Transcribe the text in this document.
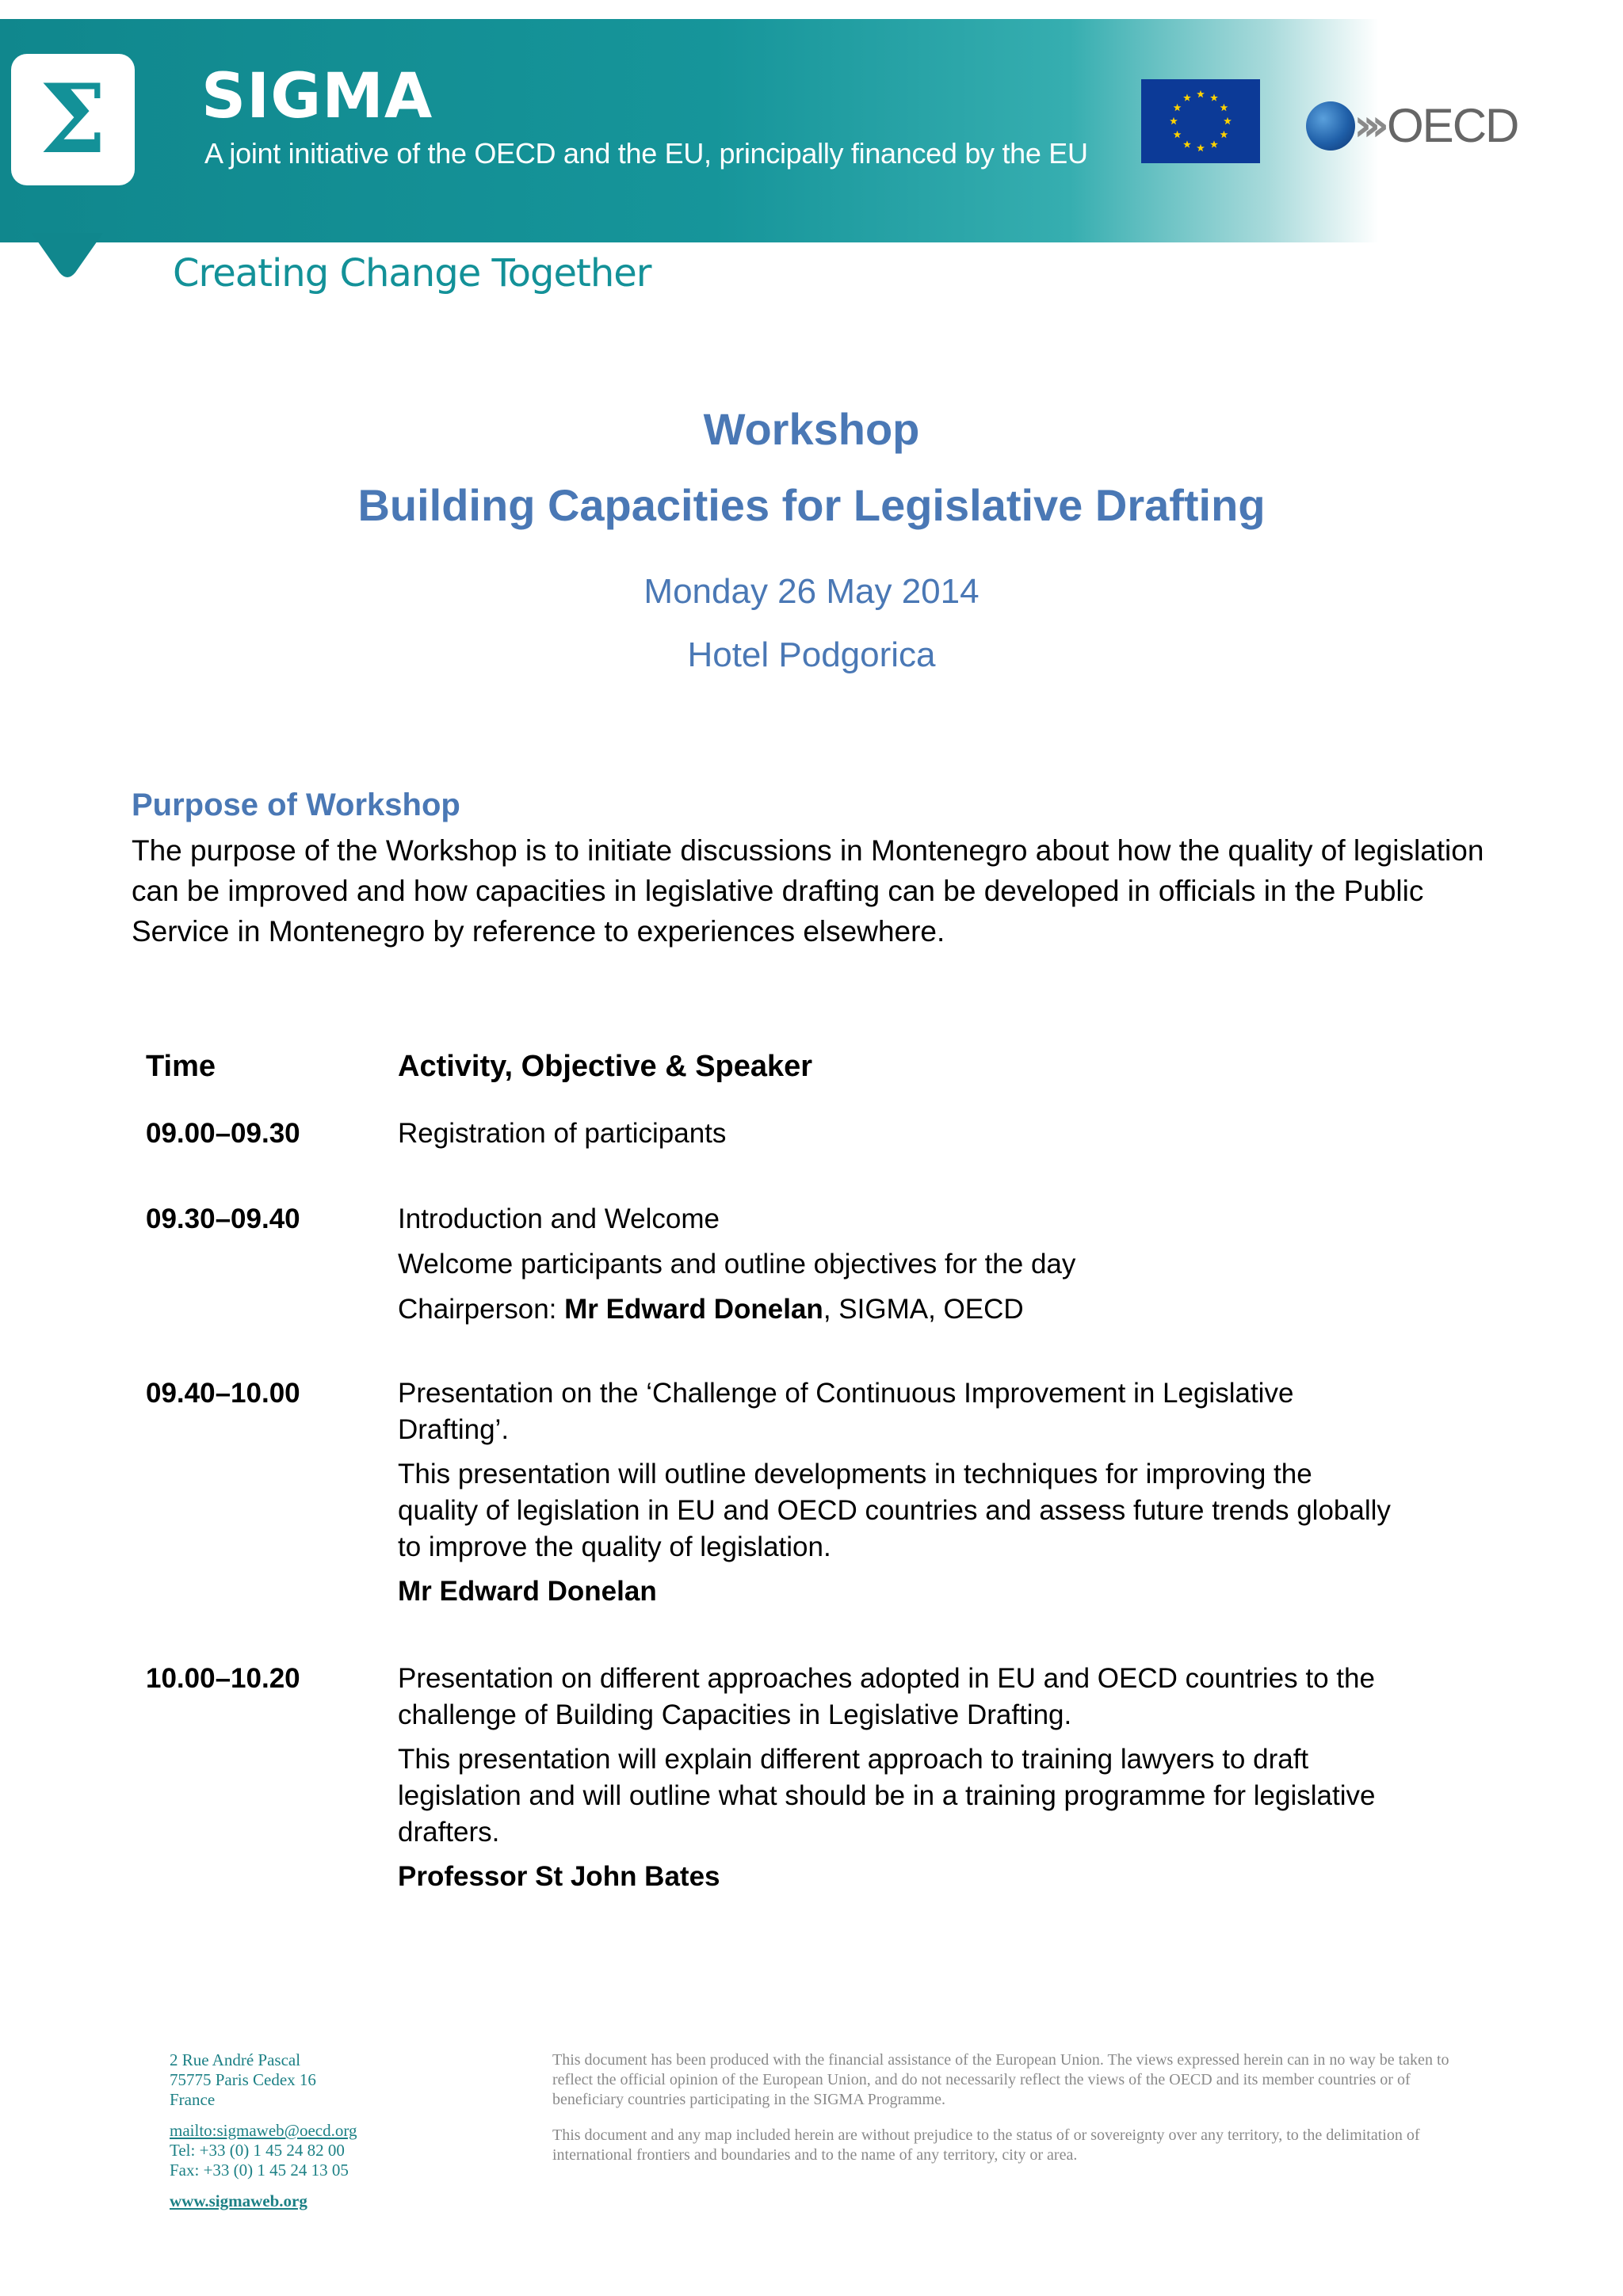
Σ	SIGMA
A joint initiative of the OECD and the EU, principally financed by the EU
››› OECD
Creating Change Together
Workshop
Building Capacities for Legislative Drafting
Monday 26 May 2014
Hotel Podgorica
Purpose of Workshop
The purpose of the Workshop is to initiate discussions in Montenegro about how the quality of legislation can be improved and how capacities in legislative drafting can be developed in officials in the Public Service in Montenegro by reference to experiences elsewhere.
Time	Activity, Objective & Speaker
09.00–09.30	Registration of participants

09.30–09.40	Introduction and Welcome

Welcome participants and outline objectives for the day

Chairperson: Mr Edward Donelan, SIGMA, OECD

09.40–10.00	Presentation on the ‘Challenge of Continuous Improvement in Legislative Drafting’.

This presentation will outline developments in techniques for improving the quality of legislation in EU and OECD countries and assess future trends globally to improve the quality of legislation.

Mr Edward Donelan

10.00–10.20	Presentation on different approaches adopted in EU and OECD countries to the challenge of Building Capacities in Legislative Drafting.

This presentation will explain different approach to training lawyers to draft legislation and will outline what should be in a training programme for legislative drafters.

Professor St John Bates

2 Rue André Pascal
75775 Paris Cedex 16
France
mailto:sigmaweb@oecd.org
Tel: +33 (0) 1 45 24 82 00
Fax: +33 (0) 1 45 24 13 05
www.sigmaweb.org

This document has been produced with the financial assistance of the European Union. The views expressed herein can in no way be taken to reflect the official opinion of the European Union, and do not necessarily reflect the views of the OECD and its member countries or of beneficiary countries participating in the SIGMA Programme.

This document and any map included herein are without prejudice to the status of or sovereignty over any territory, to the delimitation of international frontiers and boundaries and to the name of any territory, city or area.
